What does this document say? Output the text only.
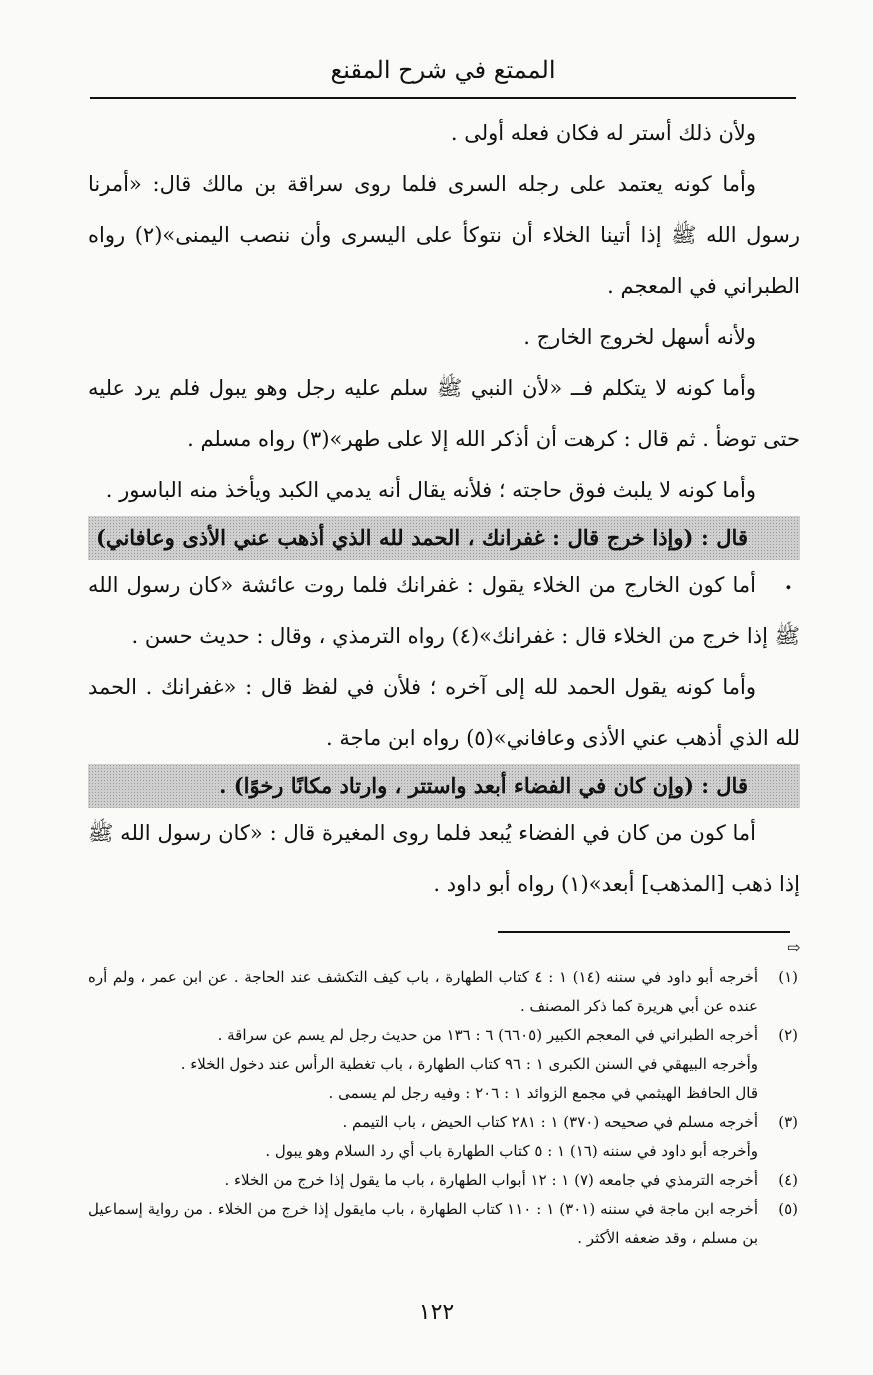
الممتع في شرح المقنع

ولأن ذلك أستر له فكان فعله أولى .

وأما كونه يعتمد على رجله السرى فلما روى سراقة بن مالك قال: «أمرنا رسول الله ﷺ إذا أتينا الخلاء أن نتوكأ على اليسرى وأن ننصب اليمنى»(٢) رواه الطبراني في المعجم .

ولأنه أسهل لخروج الخارج .

وأما كونه لا يتكلم فــ «لأن النبي ﷺ سلم عليه رجل وهو يبول فلم يرد عليه حتى توضأ . ثم قال : كرهت أن أذكر الله إلا على طهر»(٣) رواه مسلم .

وأما كونه لا يلبث فوق حاجته ؛ فلأنه يقال أنه يدمي الكبد ويأخذ منه الباسور .

قال : (وإذا خرج قال : غفرانك ، الحمد لله الذي أذهب عني الأذى وعافاني) .

أما كون الخارج من الخلاء يقول : غفرانك فلما روت عائشة «كان رسول الله ﷺ إذا خرج من الخلاء قال : غفرانك»(٤) رواه الترمذي ، وقال : حديث حسن .

وأما كونه يقول الحمد لله إلى آخره ؛ فلأن في لفظ قال : «غفرانك . الحمد لله الذي أذهب عني الأذى وعافاني»(٥) رواه ابن ماجة .

قال : (وإن كان في الفضاء أبعد واستتر ، وارتاد مكانًا رخوًا) .

أما كون من كان في الفضاء يُبعد فلما روى المغيرة قال : «كان رسول الله ﷺ إذا ذهب [المذهب] أبعد»(١) رواه أبو داود .

⇨
(١)
أخرجه أبو داود في سننه (١٤) ١ : ٤ كتاب الطهارة ، باب كيف التكشف عند الحاجة . عن ابن عمر ، ولم أره عنده عن أبي هريرة كما ذكر المصنف .
(٢)
أخرجه الطبراني في المعجم الكبير (٦٦٠٥) ٦ : ١٣٦ من حديث رجل لم يسم عن سراقة .
وأخرجه البيهقي في السنن الكبرى ١ : ٩٦ كتاب الطهارة ، باب تغطية الرأس عند دخول الخلاء .
قال الحافظ الهيثمي في مجمع الزوائد ١ : ٢٠٦ : وفيه رجل لم يسمى .
(٣)
أخرجه مسلم في صحيحه (٣٧٠) ١ : ٢٨١ كتاب الحيض ، باب التيمم .
وأخرجه أبو داود في سننه (١٦) ١ : ٥ كتاب الطهارة باب أي رد السلام وهو يبول .
(٤)
أخرجه الترمذي في جامعه (٧) ١ : ١٢ أبواب الطهارة ، باب ما يقول إذا خرج من الخلاء .
(٥)
أخرجه ابن ماجة في سننه (٣٠١) ١ : ١١٠ كتاب الطهارة ، باب مايقول إذا خرج من الخلاء . من رواية إسماعيل بن مسلم ، وقد ضعفه الأكثر .
١٢٢
